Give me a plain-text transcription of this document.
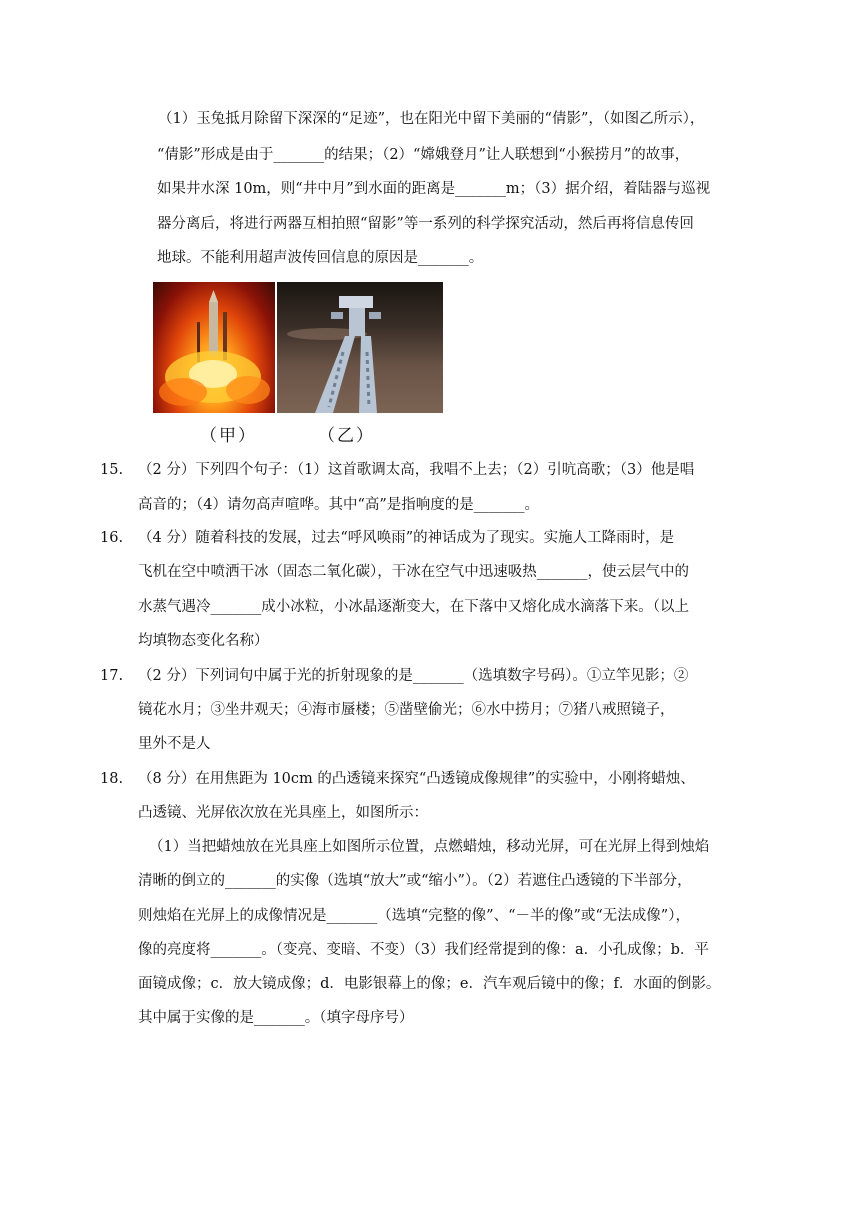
（1）玉兔抵月除留下深深的“足迹”，也在阳光中留下美丽的“倩影”，（如图乙所示），
“倩影”形成是由于_______的结果；（2）“嫦娥登月”让人联想到“小猴捞月”的故事，
如果井水深 10m，则“井中月”到水面的距离是_______m；（3）据介绍，着陆器与巡视
器分离后，将进行两器互相拍照“留影”等一系列的科学探究活动，然后再将信息传回
地球。不能利用超声波传回信息的原因是_______。
（甲）	（乙）
15. （2 分）下列四个句子：（1）这首歌调太高，我唱不上去；（2）引吭高歌；（3）他是唱
高音的；（4）请勿高声喧哗。其中“高”是指响度的是_______。
16. （4 分）随着科技的发展，过去“呼风唤雨”的神话成为了现实。实施人工降雨时，是
飞机在空中喷洒干冰（固态二氧化碳），干冰在空气中迅速吸热_______，使云层气中的
水蒸气遇冷_______成小冰粒，小冰晶逐渐变大，在下落中又熔化成水滴落下来。（以上
均填物态变化名称）
17. （2 分）下列词句中属于光的折射现象的是_______（选填数字号码）。①立竿见影；②
镜花水月；③坐井观天；④海市蜃楼；⑤凿壁偷光；⑥水中捞月；⑦猪八戒照镜子，
里外不是人
18. （8 分）在用焦距为 10cm 的凸透镜来探究“凸透镜成像规律”的实验中，小刚将蜡烛、
凸透镜、光屏依次放在光具座上，如图所示：
（1）当把蜡烛放在光具座上如图所示位置，点燃蜡烛，移动光屏，可在光屏上得到烛焰
清晰的倒立的_______的实像（选填“放大”或“缩小”）。（2）若遮住凸透镜的下半部分，
则烛焰在光屏上的成像情况是_______（选填“完整的像”、“－半的像”或“无法成像”），
像的亮度将_______。（变亮、变暗、不变）（3）我们经常提到的像：a．小孔成像；b．平
面镜成像；c．放大镜成像；d．电影银幕上的像；e．汽车观后镜中的像；f．水面的倒影。
其中属于实像的是_______。（填字母序号）
